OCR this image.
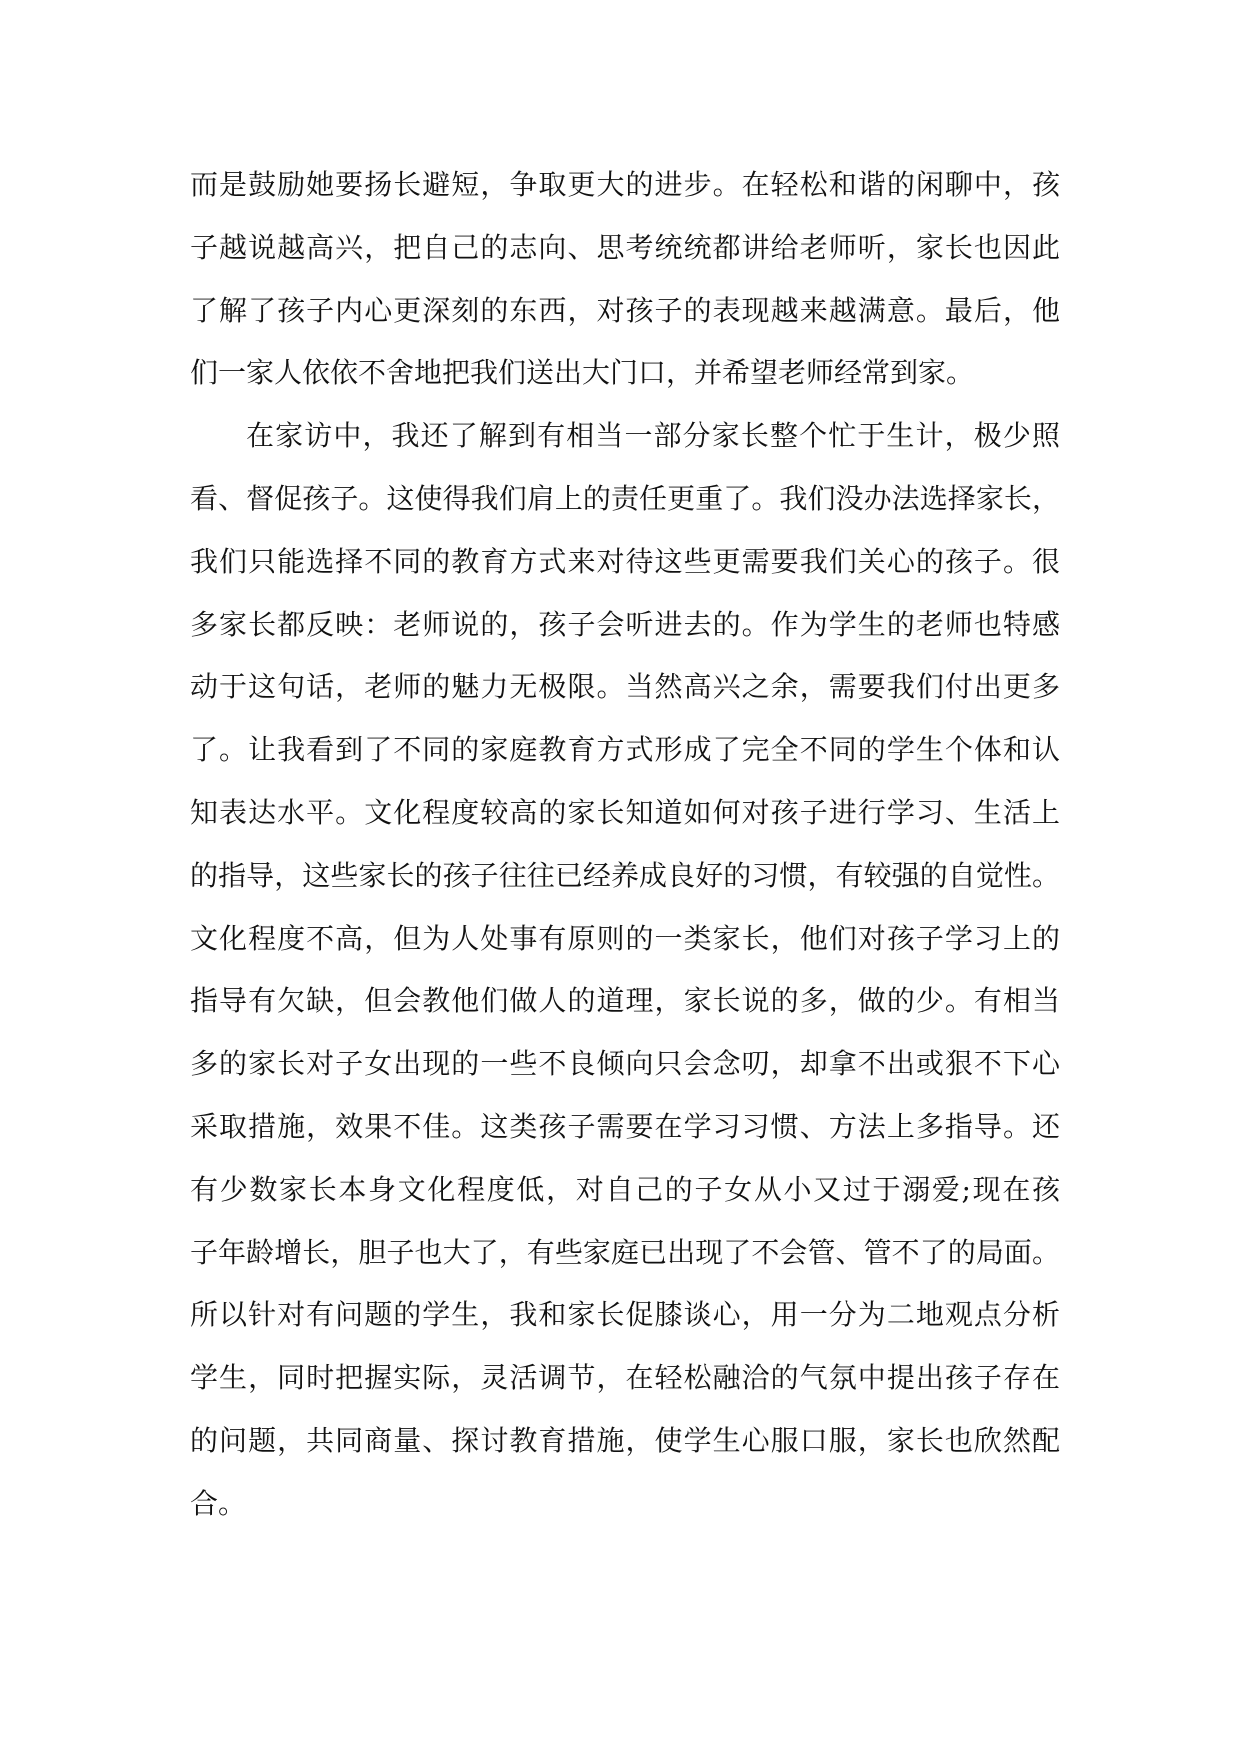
而是鼓励她要扬长避短，争取更大的进步。在轻松和谐的闲聊中，孩
子越说越高兴，把自己的志向、思考统统都讲给老师听，家长也因此
了解了孩子内心更深刻的东西，对孩子的表现越来越满意。最后，他
们一家人依依不舍地把我们送出大门口，并希望老师经常到家。
在家访中，我还了解到有相当一部分家长整个忙于生计，极少照
看、督促孩子。这使得我们肩上的责任更重了。我们没办法选择家长，
我们只能选择不同的教育方式来对待这些更需要我们关心的孩子。很
多家长都反映：老师说的，孩子会听进去的。作为学生的老师也特感
动于这句话，老师的魅力无极限。当然高兴之余，需要我们付出更多
了。让我看到了不同的家庭教育方式形成了完全不同的学生个体和认
知表达水平。文化程度较高的家长知道如何对孩子进行学习、生活上
的指导，这些家长的孩子往往已经养成良好的习惯，有较强的自觉性。
文化程度不高，但为人处事有原则的一类家长，他们对孩子学习上的
指导有欠缺，但会教他们做人的道理，家长说的多，做的少。有相当
多的家长对子女出现的一些不良倾向只会念叨，却拿不出或狠不下心
采取措施，效果不佳。这类孩子需要在学习习惯、方法上多指导。还
有少数家长本身文化程度低，对自己的子女从小又过于溺爱;现在孩
子年龄增长，胆子也大了，有些家庭已出现了不会管、管不了的局面。
所以针对有问题的学生，我和家长促膝谈心，用一分为二地观点分析
学生，同时把握实际，灵活调节，在轻松融洽的气氛中提出孩子存在
的问题，共同商量、探讨教育措施，使学生心服口服，家长也欣然配
合。
